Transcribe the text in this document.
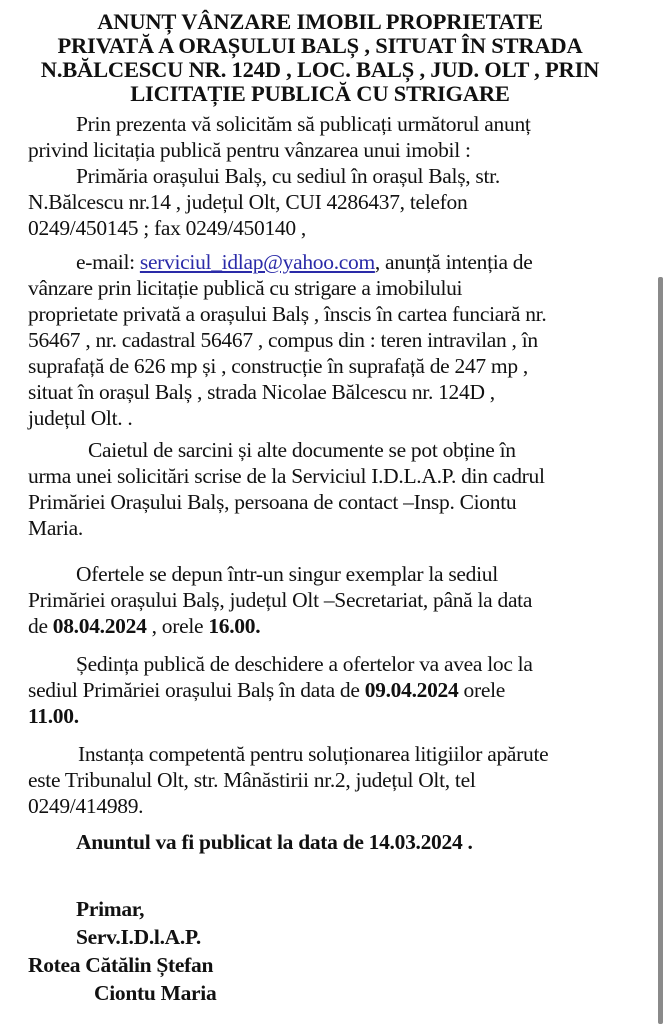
ANUNȚ VÂNZARE IMOBIL PROPRIETATE
PRIVATĂ A ORAȘULUI BALȘ , SITUAT ÎN STRADA
N.BĂLCESCU NR. 124D , LOC. BALȘ , JUD. OLT , PRIN
LICITAȚIE PUBLICĂ CU STRIGARE
Prin prezenta vă solicităm să publicați următorul anunț
privind licitația publică pentru vânzarea unui imobil :
Primăria orașului Balș, cu sediul în orașul Balș, str.
N.Bălcescu nr.14 , județul Olt, CUI 4286437, telefon
0249/450145 ; fax 0249/450140 ,
e-mail: serviciul_idlap@yahoo.com, anunță intenția de
vânzare prin licitație publică cu strigare a imobilului
proprietate privată a orașului Balș , înscis în cartea funciară nr.
56467 , nr. cadastral 56467 , compus din : teren intravilan , în
suprafață de 626 mp și , construcție în suprafață de 247 mp ,
situat în orașul Balș , strada Nicolae Bălcescu nr. 124D ,
județul Olt. .
Caietul de sarcini și alte documente se pot obține în
urma unei solicitări scrise de la Serviciul I.D.L.A.P. din cadrul
Primăriei Orașului Balș, persoana de contact –Insp. Ciontu
Maria.
Ofertele se depun într-un singur exemplar la sediul
Primăriei orașului Balș, județul Olt –Secretariat, până la data
de 08.04.2024 , orele 16.00.
Ședința publică de deschidere a ofertelor va avea loc la
sediul Primăriei orașului Balș în data de 09.04.2024 orele
11.00.
Instanța competentă pentru soluționarea litigiilor apărute
este Tribunalul Olt, str. Mânăstirii nr.2, județul Olt, tel
0249/414989.
Anuntul va fi publicat la data de 14.03.2024 .
Primar,
Serv.I.D.l.A.P.
Rotea Cătălin Ștefan
Ciontu Maria
